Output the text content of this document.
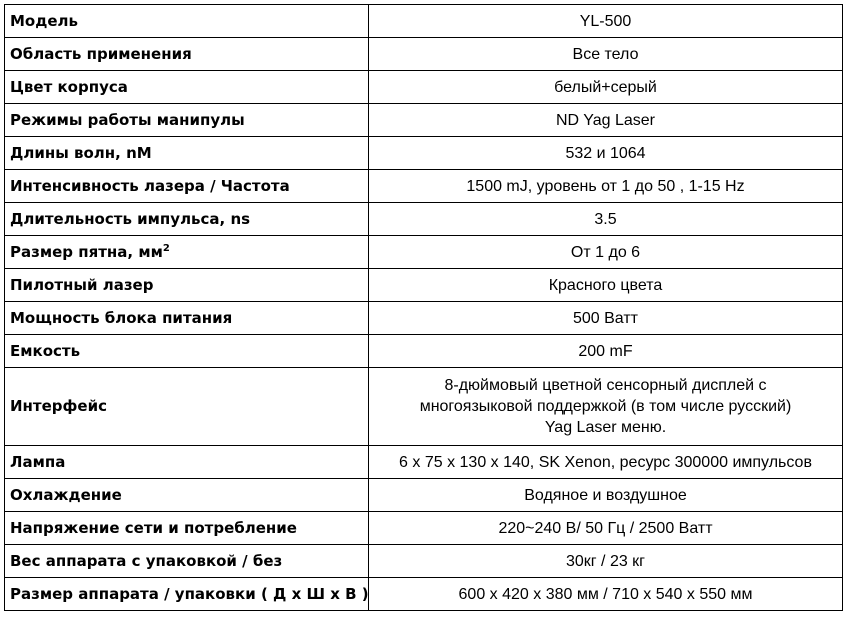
Модель	YL-500
Область применения	Все тело
Цвет корпуса	белый+серый
Режимы работы манипулы	ND Yag Laser
Длины волн, nM	532 и 1064
Интенсивность лазера / Частота	1500 mJ, уровень от 1 до 50 , 1-15 Hz
Длительность импульса, ns	3.5
Размер пятна, $мм^2$	От 1 до 6
Пилотный лазер	Красного цвета
Мощность блока питания	500 Ватт
Емкость	200 mF
Интерфейс	8-дюймовый цветной сенсорный дисплей с
многоязыковой поддержкой (в том числе русский)
Yag Laser меню.

Лампа	6 x 75 x 130 x 140, SK Xenon, ресурс 300000 импульсов
Охлаждение	Водяное и воздушное
Напряжение сети и потребление	220~240 В/ 50 Гц / 2500 Ватт
Вес аппарата с упаковкой / без	30кг / 23 кг
Размер аппарата / упаковки ( Д х Ш х В )	600 x 420 x 380 мм / 710 x 540 x 550 мм
